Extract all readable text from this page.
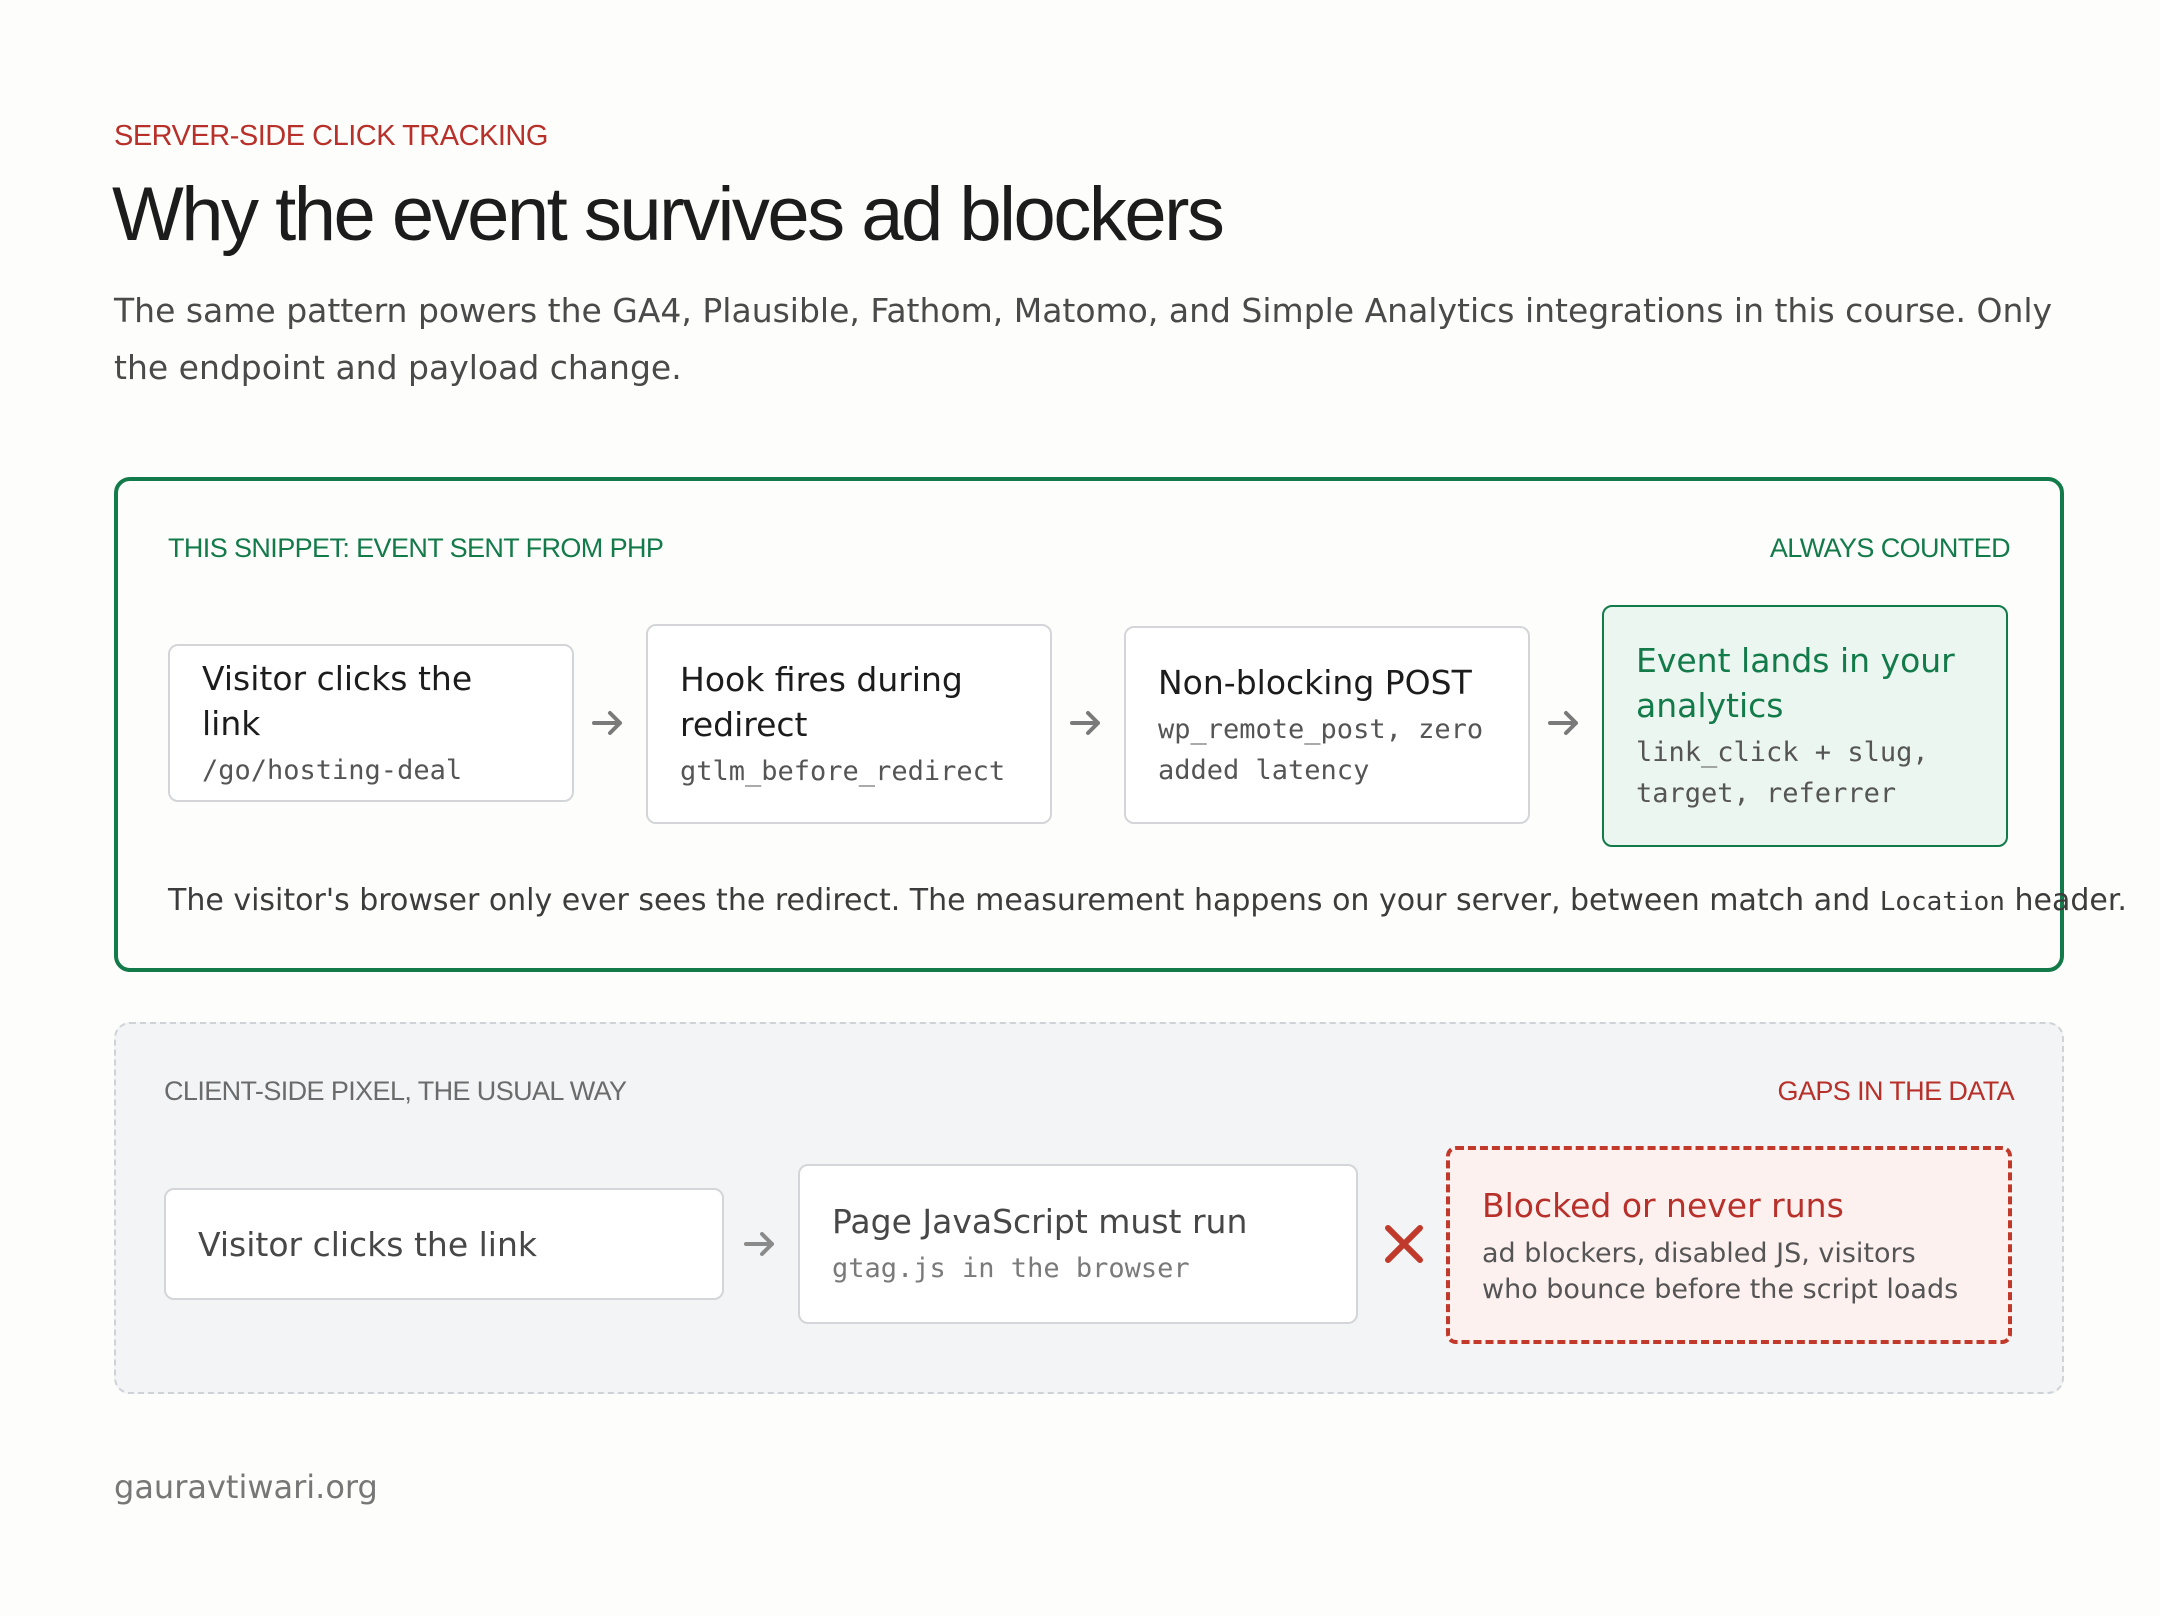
SERVER-SIDE CLICK TRACKING
Why the event survives ad blockers
The same pattern powers the GA4, Plausible, Fathom, Matomo, and Simple Analytics integrations in this course. Only the endpoint and payload change.
THIS SNIPPET: EVENT SENT FROM PHP	ALWAYS COUNTED
Visitor clicks the link
/go/hosting-deal
Hook fires during redirect
gtlm_before_redirect
Non-blocking POST
wp_remote_post, zero added latency
Event lands in your analytics
link_click + slug, target, referrer
The visitor's browser only ever sees the redirect. The measurement happens on your server, between match and Location header.
CLIENT-SIDE PIXEL, THE USUAL WAY	GAPS IN THE DATA
Visitor clicks the link
Page JavaScript must run
gtag.js in the browser
Blocked or never runs
ad blockers, disabled JS, visitors who bounce before the script loads
gauravtiwari.org
